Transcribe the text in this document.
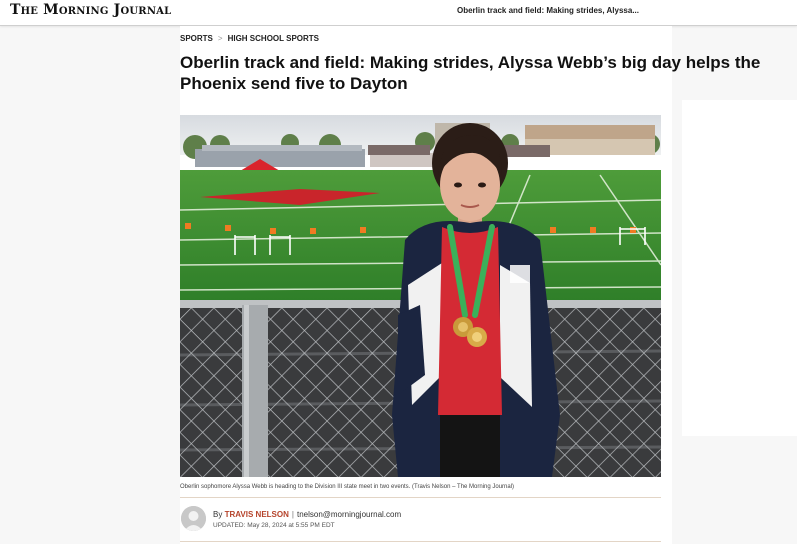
The Morning Journal	Oberlin track and field: Making strides, Alyssa...
SPORTS > HIGH SCHOOL SPORTS
Oberlin track and field: Making strides, Alyssa Webb’s big day helps the Phoenix send five to Dayton
Oberlin sophomore Alyssa Webb is heading to the Division III state meet in two events. (Travis Nelson – The Morning Journal)
By TRAVIS NELSON | tnelson@morningjournal.com
UPDATED: May 28, 2024 at 5:55 PM EDT
